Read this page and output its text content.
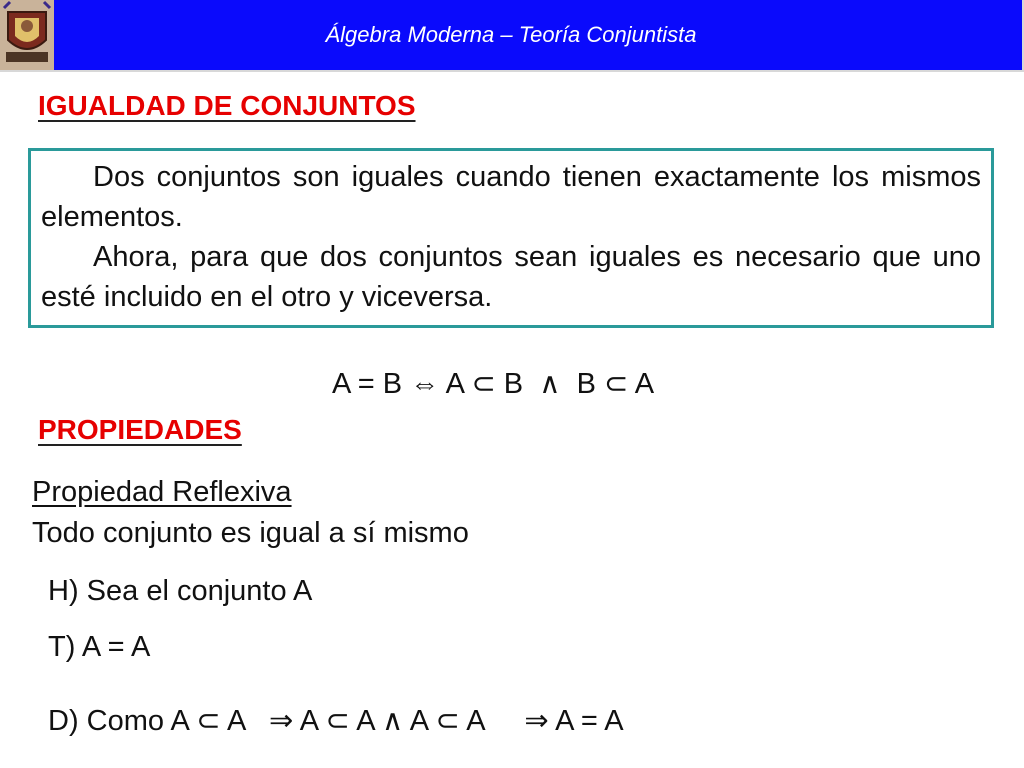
Álgebra Moderna – Teoría Conjuntista
IGUALDAD DE CONJUNTOS

Dos conjuntos son iguales cuando tienen exactamente los mismos elementos.

Ahora, para que dos conjuntos sean iguales es necesario que uno esté incluido en el otro y viceversa.

A = B ⇔ A ⊂ B  ∧  B ⊂ A
PROPIEDADES
Propiedad Reflexiva
Todo conjunto es igual a sí mismo
H) Sea el conjunto A
T) A = A
D) Como A ⊂ A   ⇒ A ⊂ A ∧ A ⊂ A     ⇒ A = A
